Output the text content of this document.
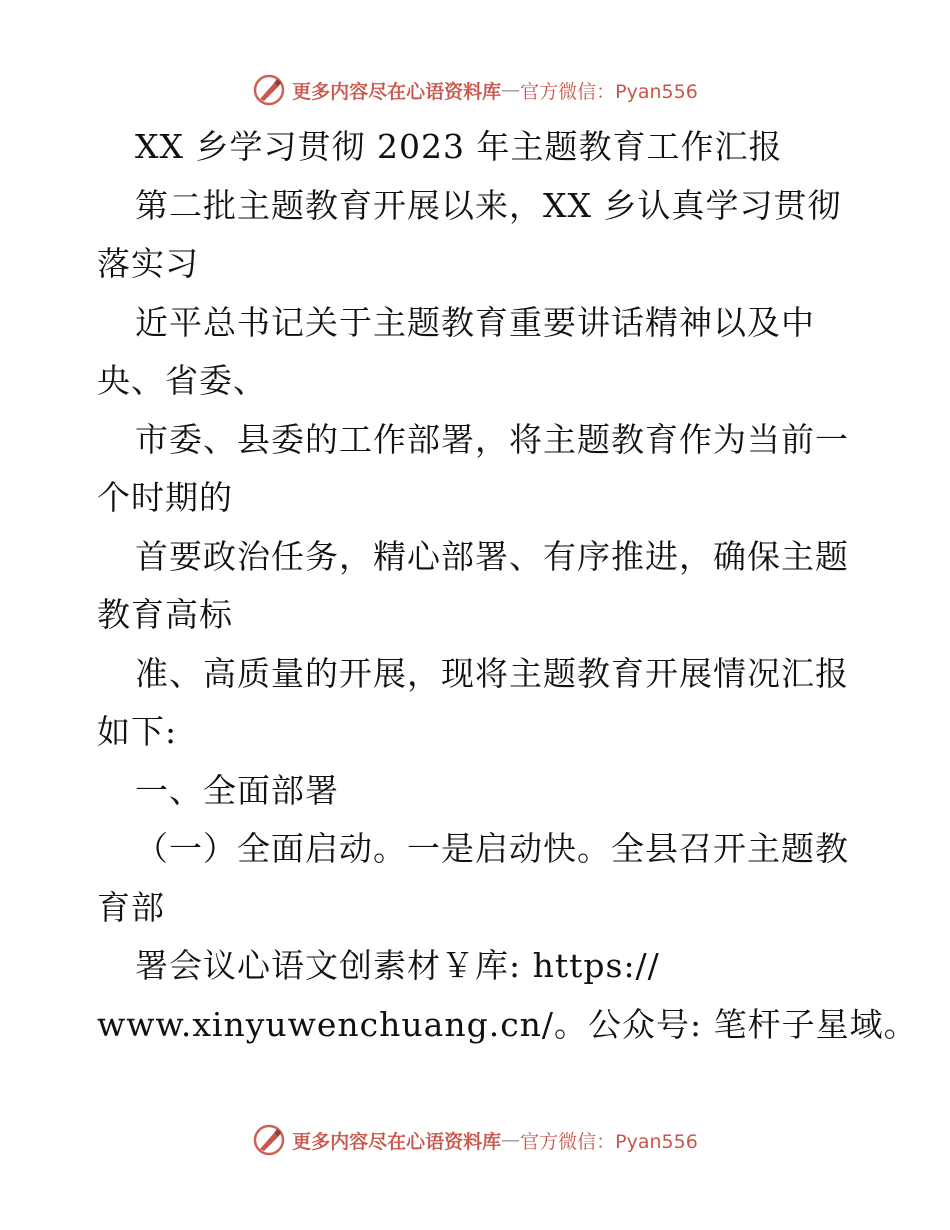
更多内容尽在心语资料库 — 官方微信：Pyan556
XX 乡学习贯彻 2023 年主题教育工作汇报
第二批主题教育开展以来，XX 乡认真学习贯彻
落实习
近平总书记关于主题教育重要讲话精神以及中
央、省委、
市委、县委的工作部署，将主题教育作为当前一
个时期的
首要政治任务，精心部署、有序推进，确保主题
教育高标
准、高质量的开展，现将主题教育开展情况汇报
如下:
一、全面部署
（一）全面启动。一是启动快。全县召开主题教
育部
署会议心语文创素材￥库: https://
www.xinyuwenchuang.cn/。公众号: 笔杆子星域。
更多内容尽在心语资料库 — 官方微信：Pyan556
